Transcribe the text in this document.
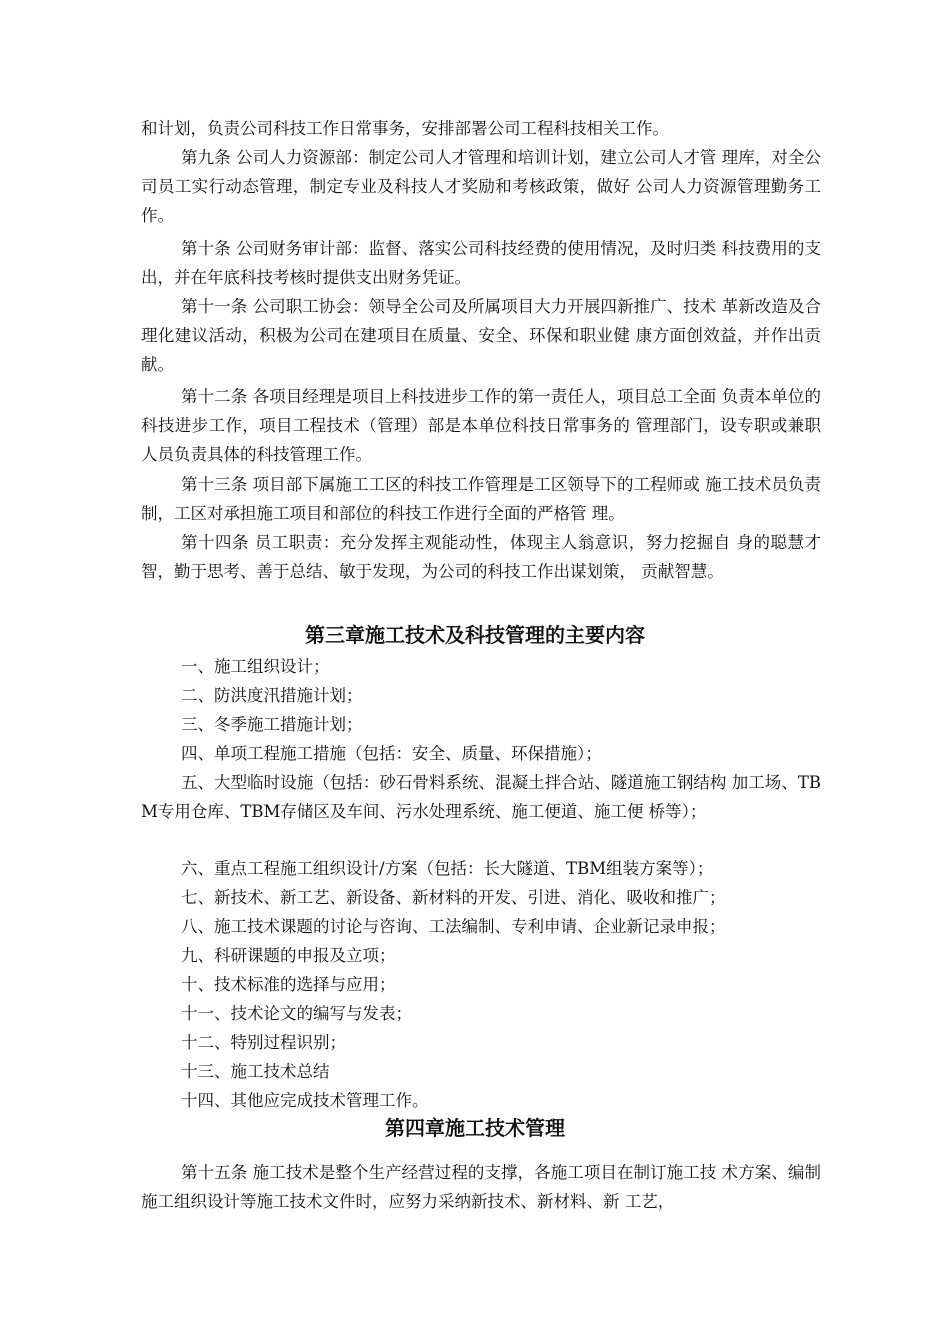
和计划，负责公司科技工作日常事务，安排部署公司工程科技相关工作。

第九条 公司人力资源部：制定公司人才管理和培训计划，建立公司人才管 理库，对全公司员工实行动态管理，制定专业及科技人才奖励和考核政策，做好 公司人力资源管理勤务工作。

第十条 公司财务审计部：监督、落实公司科技经费的使用情况，及时归类 科技费用的支出，并在年底科技考核时提供支出财务凭证。

第十一条 公司职工协会：领导全公司及所属项目大力开展四新推广、技术 革新改造及合理化建议活动，积极为公司在建项目在质量、安全、环保和职业健 康方面创效益，并作出贡献。

第十二条 各项目经理是项目上科技进步工作的第一责任人，项目总工全面 负责本单位的科技进步工作，项目工程技术（管理）部是本单位科技日常事务的 管理部门，设专职或兼职人员负责具体的科技管理工作。

第十三条 项目部下属施工工区的科技工作管理是工区领导下的工程师或 施工技术员负责制，工区对承担施工项目和部位的科技工作进行全面的严格管 理。

第十四条 员工职责：充分发挥主观能动性，体现主人翁意识，努力挖掘自 身的聪慧才智，勤于思考、善于总结、敏于发现，为公司的科技工作出谋划策， 贡献智慧。

第三章施工技术及科技管理的主要内容

一、施工组织设计；

二、防洪度汛措施计划；

三、冬季施工措施计划；

四、单项工程施工措施（包括：安全、质量、环保措施）；

五、大型临时设施（包括：砂石骨料系统、混凝土拌合站、隧道施工钢结构 加工场、TBM专用仓库、TBM存储区及车间、污水处理系统、施工便道、施工便 桥等）；

六、重点工程施工组织设计/方案（包括：长大隧道、TBM组装方案等）；

七、新技术、新工艺、新设备、新材料的开发、引进、消化、吸收和推广；

八、施工技术课题的讨论与咨询、工法编制、专利申请、企业新记录申报；

九、科研课题的申报及立项；

十、技术标准的选择与应用；

十一、技术论文的编写与发表；

十二、特别过程识别；

十三、施工技术总结

十四、其他应完成技术管理工作。

第四章施工技术管理

第十五条 施工技术是整个生产经营过程的支撑，各施工项目在制订施工技 术方案、编制施工组织设计等施工技术文件时，应努力采纳新技术、新材料、新 工艺，
